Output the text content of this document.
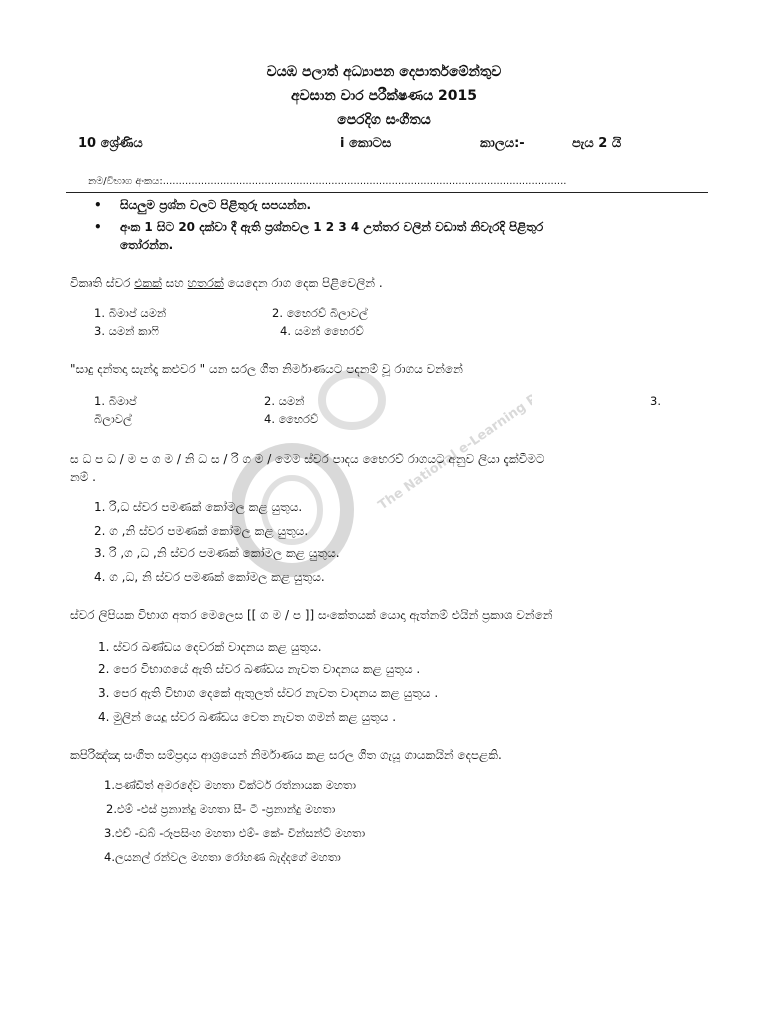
The National e-Learning Portal
වයඹ පලාත් අධ්‍යාපන දෙපාර්තමේන්තුව
අවසාන වාර පරීක්ෂණය 2015
පෙරදිග සංගීතය
10 ශ්‍රේණිය	i කොටස	කාලය:-	පැය 2 යි
නම/විභාග අංකය:...............................................................................................................................
• සියලුම ප්‍රශ්න වලට පිළිතුරු සපයන්න.
• අංක 1 සිට 20 දක්වා දී ඇති ප්‍රශ්නවල 1 2 3 4 උත්තර වලින් වඩාත් නිවැරදි පිළිතුර
තෝරන්න.
විකෘති ස්වර එකක් සහ හතරක් යෙදෙන රාග දෙක පිළිවෙලින් .
1. බිමාප් යමන්	2. භෛරව් බිලාවල්
3. යමන් කාෆි	4. යමන් භෛරව්
"සාදු දන්තදා සැන්දෑ කළුවර " යන සරල ගීත නිර්මාණයට පදනම් වූ රාගය වන්නේ
1. බිමාප්	2. යමන්	3.
බිලාවල්	4. භෛරව්
ස ධ ප ධ / ම ප ග ම / නි ධ ස / රි ග ම / මෙම ස්වර පාදය භෛරව් රාගයට අනුව ලියා දැක්වීමට
නම් .
1. රි,ධ ස්වර පමණක් කෝමල කළ යුතුය.
2. ග ,නි ස්වර පමණක් කෝමල කළ යුතුය.
3. රි ,ග ,ධ ,නි ස්වර පමණක් කෝමල කළ යුතුය.
4. ග ,ධ, නි ස්වර පමණක් කෝමල කළ යුතුය.
ස්වර ලිපියක විභාග අතර මෙලෙස [[ ග ම / ප ]] සංකේතයක් යොදා ඇත්නම් එයින් ප්‍රකාශ වන්නේ
1. ස්වර ඛණ්ඩය දෙවරක් වාදනය කළ යුතුය.
2. පෙර විභාගයේ ඇති ස්වර ඛණ්ඩය නැවත වාදනය කළ යුතුය .
3. පෙර ඇති විභාග දෙකේ ඇතුලත් ස්වර නැවත වාදනය කළ යුතුය .
4. මුලින් යෙදූ ස්වර ඛණ්ඩය වෙත නැවත ගමන් කළ යුතුය .
කපිරිඤ්ඤා සංගීත සම්ප්‍රදාය ආශ්‍රයෙන් නිර්මාණය කළ සරල ගීත ගැයූ ගායකයින් දෙපළකි.
1.පණ්ඩිත් අමරදේව මහතා වික්ටර් රත්නායක මහතා
2.එම් -එස් ප්‍රනාන්දු මහතා සී- ටී -ප්‍රනාන්දු මහතා
3.එච් -ඩබ් -රූපසිංහ මහතා එම්- කේ- වින්සන්ට් මහතා
4.ලයනල් රන්වල මහතා රෝහණ බැද්දගේ මහතා
